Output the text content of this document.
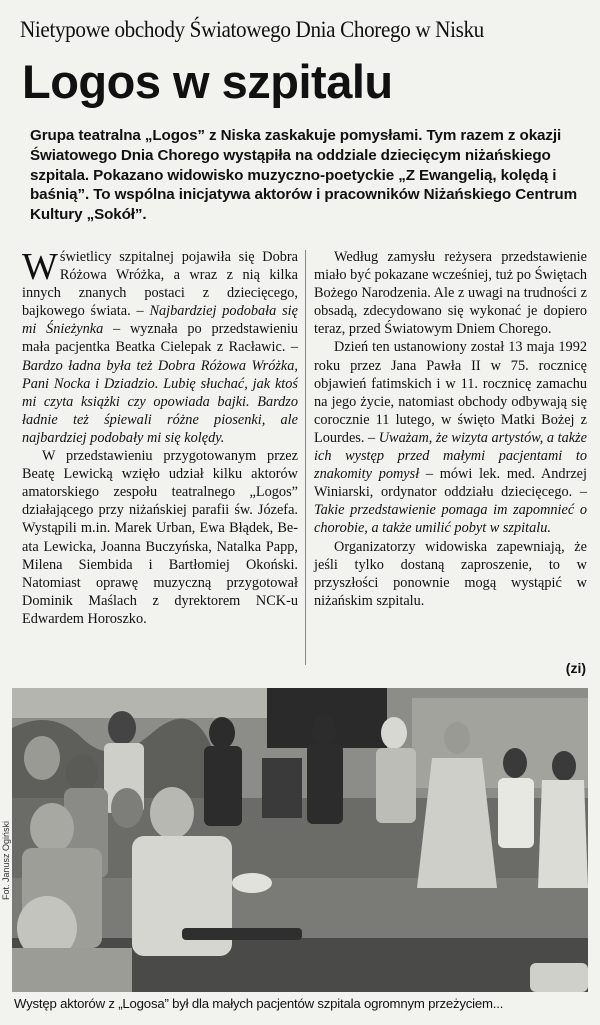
Nietypowe obchody Światowego Dnia Chorego w Nisku
Logos w szpitalu
Grupa teatralna „Logos” z Niska zaskakuje pomysłami. Tym razem z okazji Światowego Dnia Chorego wystąpiła na oddziale dziecięcym niżańskiego szpitala. Pokazano widowisko muzyczno-poetyckie „Z Ewangelią, kolędą i baśnią”. To wspólna inicjatywa aktorów i pracowników Niżańskiego Centrum Kultury „Sokół”.

W świetlicy szpitalnej pojawiła się Dobra Różowa Wróżka, a wraz z nią kilka innych znanych postaci z dziecięcego, bajkowego świata. – Najbardziej podobała się mi Śnieżynka – wyznała po przedstawieniu mała pacjentka Beatka Cielepak z Racławic. – Bardzo ładna była też Dobra Różowa Wróżka, Pani Nocka i Dziadzio. Lubię słuchać, jak ktoś mi czyta książki czy opowiada bajki. Bardzo ładnie też śpiewali różne piosenki, ale najbardziej podobały mi się kolędy.

W przedstawieniu przygotowanym przez Beatę Lewicką wzięło udział kilku aktorów amatorskiego zespołu teatralnego „Logos” działającego przy niżańskiej parafii św. Józefa. Wystąpili m.in. Marek Urban, Ewa Błądek, Beata Lewicka, Joanna Buczyńska, Natalka Papp, Milena Siembida i Bartłomiej Okoński. Natomiast oprawę muzyczną przygotował Dominik Maślach z dyrektorem NCK-u Edwardem Horoszko.

Według zamysłu reżysera przedstawienie miało być pokazane wcześniej, tuż po Świętach Bożego Narodzenia. Ale z uwagi na trudności z obsadą, zdecydowano się wykonać je dopiero teraz, przed Światowym Dniem Chorego.

Dzień ten ustanowiony został 13 maja 1992 roku przez Jana Pawła II w 75. rocznicę objawień fatimskich i w 11. rocznicę zamachu na jego życie, natomiast obchody odbywają się corocznie 11 lutego, w święto Matki Bożej z Lourdes. – Uważam, że wizyta artystów, a także ich występ przed małymi pacjentami to znakomity pomysł – mówi lek. med. Andrzej Winiarski, ordynator oddziału dziecięcego. – Takie przedstawienie pomaga im zapomnieć o chorobie, a także umilić pobyt w szpitalu.

Organizatorzy widowiska zapewniają, że jeśli tylko dostaną zaproszenie, to w przyszłości ponownie mogą wystąpić w niżańskim szpitalu.

(zi)
Fot. Janusz Ogiński
Występ aktorów z „Logosa” był dla małych pacjentów szpitala ogromnym przeżyciem...
